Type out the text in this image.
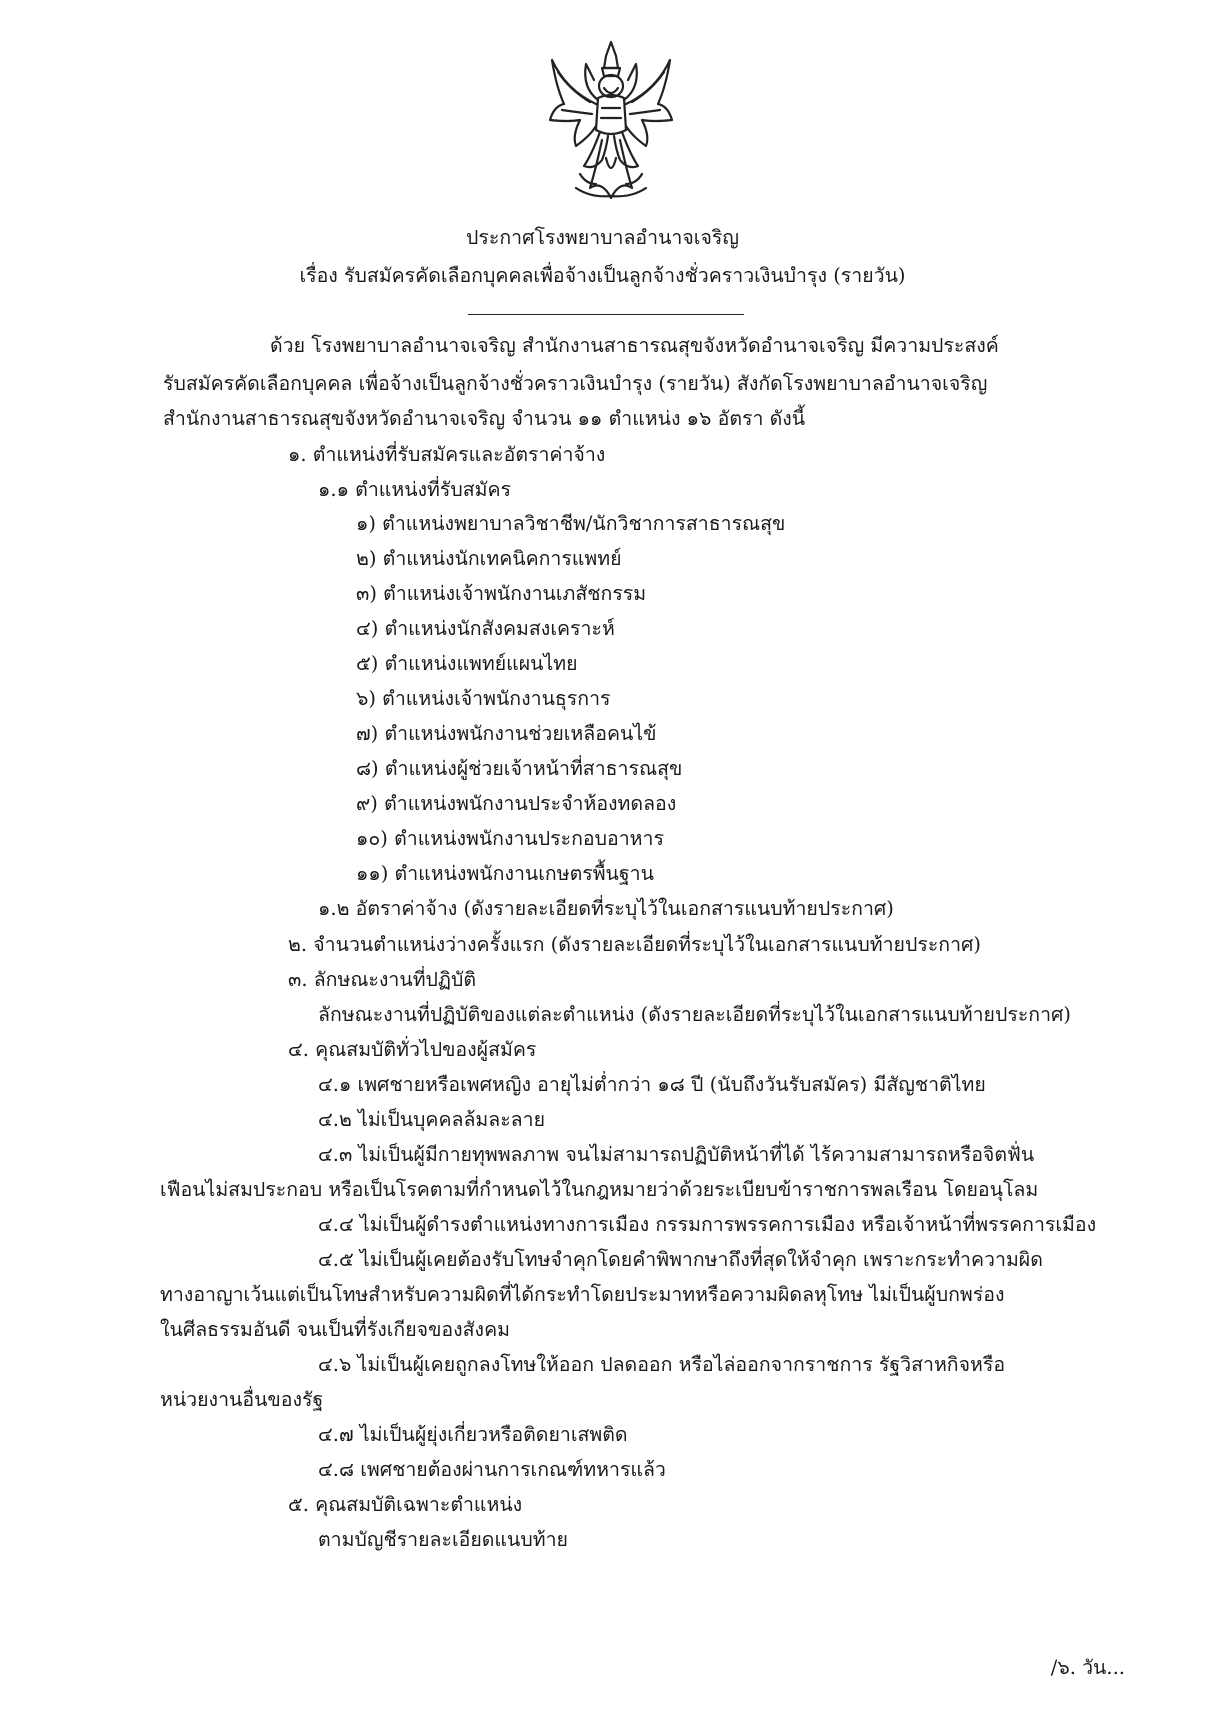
ประกาศโรงพยาบาลอำนาจเจริญ
เรื่อง รับสมัครคัดเลือกบุคคลเพื่อจ้างเป็นลูกจ้างชั่วคราวเงินบำรุง (รายวัน)
ด้วย โรงพยาบาลอำนาจเจริญ สำนักงานสาธารณสุขจังหวัดอำนาจเจริญ มีความประสงค์
รับสมัครคัดเลือกบุคคล เพื่อจ้างเป็นลูกจ้างชั่วคราวเงินบำรุง (รายวัน) สังกัดโรงพยาบาลอำนาจเจริญ
สำนักงานสาธารณสุขจังหวัดอำนาจเจริญ จำนวน ๑๑ ตำแหน่ง ๑๖ อัตรา ดังนี้
๑. ตำแหน่งที่รับสมัครและอัตราค่าจ้าง
๑.๑ ตำแหน่งที่รับสมัคร
๑) ตำแหน่งพยาบาลวิชาชีพ/นักวิชาการสาธารณสุข
๒) ตำแหน่งนักเทคนิคการแพทย์
๓) ตำแหน่งเจ้าพนักงานเภสัชกรรม
๔) ตำแหน่งนักสังคมสงเคราะห์
๕) ตำแหน่งแพทย์แผนไทย
๖) ตำแหน่งเจ้าพนักงานธุรการ
๗) ตำแหน่งพนักงานช่วยเหลือคนไข้
๘) ตำแหน่งผู้ช่วยเจ้าหน้าที่สาธารณสุข
๙) ตำแหน่งพนักงานประจำห้องทดลอง
๑๐) ตำแหน่งพนักงานประกอบอาหาร
๑๑) ตำแหน่งพนักงานเกษตรพื้นฐาน
๑.๒ อัตราค่าจ้าง (ดังรายละเอียดที่ระบุไว้ในเอกสารแนบท้ายประกาศ)
๒. จำนวนตำแหน่งว่างครั้งแรก (ดังรายละเอียดที่ระบุไว้ในเอกสารแนบท้ายประกาศ)
๓. ลักษณะงานที่ปฏิบัติ
ลักษณะงานที่ปฏิบัติของแต่ละตำแหน่ง (ดังรายละเอียดที่ระบุไว้ในเอกสารแนบท้ายประกาศ)
๔. คุณสมบัติทั่วไปของผู้สมัคร
๔.๑ เพศชายหรือเพศหญิง อายุไม่ต่ำกว่า ๑๘ ปี (นับถึงวันรับสมัคร) มีสัญชาติไทย
๔.๒ ไม่เป็นบุคคลล้มละลาย
๔.๓ ไม่เป็นผู้มีกายทุพพลภาพ จนไม่สามารถปฏิบัติหน้าที่ได้ ไร้ความสามารถหรือจิตฟั่น
เฟือนไม่สมประกอบ หรือเป็นโรคตามที่กำหนดไว้ในกฎหมายว่าด้วยระเบียบข้าราชการพลเรือน โดยอนุโลม
๔.๔ ไม่เป็นผู้ดำรงตำแหน่งทางการเมือง กรรมการพรรคการเมือง หรือเจ้าหน้าที่พรรคการเมือง
๔.๕ ไม่เป็นผู้เคยต้องรับโทษจำคุกโดยคำพิพากษาถึงที่สุดให้จำคุก เพราะกระทำความผิด
ทางอาญาเว้นแต่เป็นโทษสำหรับความผิดที่ได้กระทำโดยประมาทหรือความผิดลหุโทษ ไม่เป็นผู้บกพร่อง
ในศีลธรรมอันดี จนเป็นที่รังเกียจของสังคม
๔.๖ ไม่เป็นผู้เคยถูกลงโทษให้ออก ปลดออก หรือไล่ออกจากราชการ รัฐวิสาหกิจหรือ
หน่วยงานอื่นของรัฐ
๔.๗ ไม่เป็นผู้ยุ่งเกี่ยวหรือติดยาเสพติด
๔.๘ เพศชายต้องผ่านการเกณฑ์ทหารแล้ว
๕. คุณสมบัติเฉพาะตำแหน่ง
ตามบัญชีรายละเอียดแนบท้าย
/๖. วัน...
